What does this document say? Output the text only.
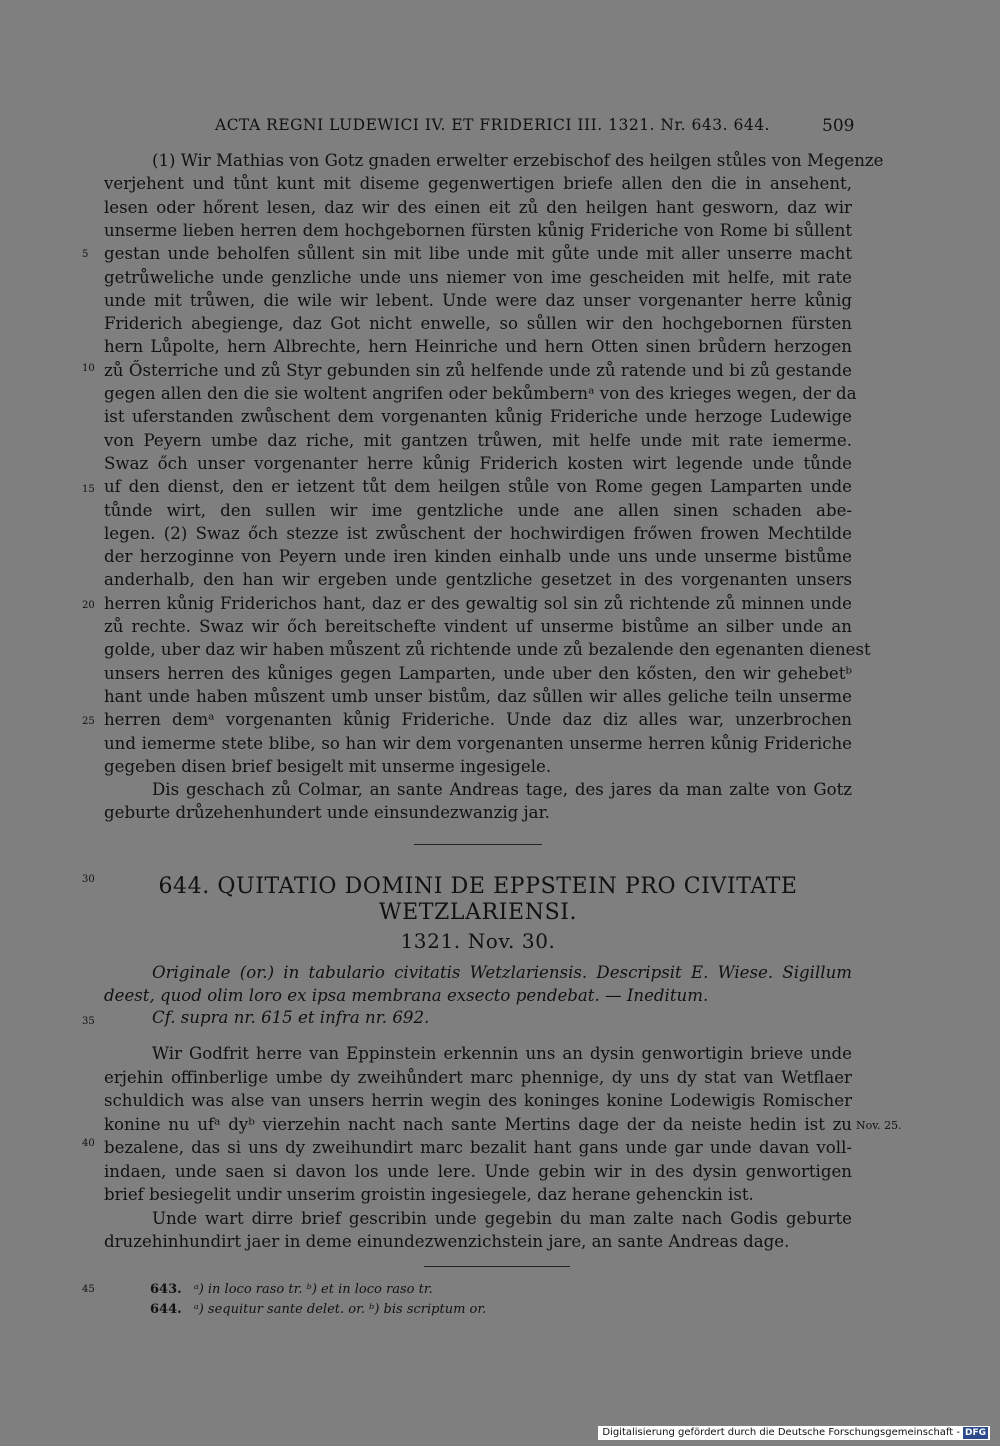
ACTA REGNI LUDEWICI IV. ET FRIDERICI III. 1321. Nr. 643. 644.	509
(1) Wir Mathias von Gotz gnaden erwelter erzebischof des heilgen stůles von Megenze
verjehent und tůnt kunt mit diseme gegenwertigen briefe allen den die in ansehent,
lesen oder hőrent lesen, daz wir des einen eit zů den heilgen hant gesworn, daz wir
unserme lieben herren dem hochgebornen fürsten kůnig Frideriche von Rome bi sůllent
gestan unde beholfen sůllent sin mit libe unde mit gůte unde mit aller unserre macht
getrůweliche unde genzliche unde uns niemer von ime gescheiden mit helfe, mit rate
unde mit trůwen, die wile wir lebent. Unde were daz unser vorgenanter herre kůnig
Friderich abegienge, daz Got nicht enwelle, so sůllen wir den hochgebornen fürsten
hern Lůpolte, hern Albrechte, hern Heinriche und hern Otten sinen brůdern herzogen
zů Ősterriche und zů Styr gebunden sin zů helfende unde zů ratende und bi zů gestande
gegen allen den die sie woltent angrifen oder bekůmbernᵃ von des krieges wegen, der da
ist uferstanden zwůschent dem vorgenanten kůnig Frideriche unde herzoge Ludewige
von Peyern umbe daz riche, mit gantzen trůwen, mit helfe unde mit rate iemerme.
Swaz őch unser vorgenanter herre kůnig Friderich kosten wirt legende unde tůnde
uf den dienst, den er ietzent tůt dem heilgen stůle von Rome gegen Lamparten unde
tůnde wirt, den sullen wir ime gentzliche unde ane allen sinen schaden abe-
legen. (2) Swaz őch stezze ist zwůschent der hochwirdigen frőwen frowen Mechtilde
der herzoginne von Peyern unde iren kinden einhalb unde uns unde unserme bistůme
anderhalb, den han wir ergeben unde gentzliche gesetzet in des vorgenanten unsers
herren kůnig Friderichos hant, daz er des gewaltig sol sin zů richtende zů minnen unde
zů rechte. Swaz wir őch bereitschefte vindent uf unserme bistůme an silber unde an
golde, uber daz wir haben můszent zů richtende unde zů bezalende den egenanten dienest
unsers herren des kůniges gegen Lamparten, unde uber den kősten, den wir gehebetᵇ
hant unde haben můszent umb unser bistům, daz sůllen wir alles geliche teiln unserme
herren demᵃ vorgenanten kůnig Frideriche. Unde daz diz alles war, unzerbrochen
und iemerme stete blibe, so han wir dem vorgenanten unserme herren kůnig Frideriche
gegeben disen brief besigelt mit unserme ingesigele.
Dis geschach zů Colmar, an sante Andreas tage, des jares da man zalte von Gotz
geburte drůzehenhundert unde einsundezwanzig jar.
644. QUITATIO DOMINI DE EPPSTEIN PRO CIVITATE
WETZLARIENSI.
1321. Nov. 30.
Originale (or.) in tabulario civitatis Wetzlariensis. Descripsit E. Wiese. Sigillum
deest, quod olim loro ex ipsa membrana exsecto pendebat. — Ineditum.
Cf. supra nr. 615 et infra nr. 692.
Wir Godfrit herre van Eppinstein erkennin uns an dysin genwortigin brieve unde
erjehin offinberlige umbe dy zweihůndert marc phennige, dy uns dy stat van Wetflaer
schuldich was alse van unsers herrin wegin des koninges konine Lodewigis Romischer
konine nu ufᵃ dyᵇ vierzehin nacht nach sante Mertins dage der da neiste hedin ist zu
bezalene, das si uns dy zweihundirt marc bezalit hant gans unde gar unde davan voll-
indaen, unde saen si davon los unde lere. Unde gebin wir in des dysin genwortigen
brief besiegelit undir unserim groistin ingesiegele, daz herane gehenckin ist.
Unde wart dirre brief gescribin unde gegebin du man zalte nach Godis geburte
druzehinhundirt jaer in deme einundezwenzichstein jare, an sante Andreas dage.
Nov. 25.
643. ᵃ) in loco raso tr. ᵇ) et in loco raso tr.
644. ᵃ) sequitur sante delet. or. ᵇ) bis scriptum or.
5
10
15
20
25
30
35
40
45
Digitalisierung gefördert durch die Deutsche Forschungsgemeinschaft - DFG
